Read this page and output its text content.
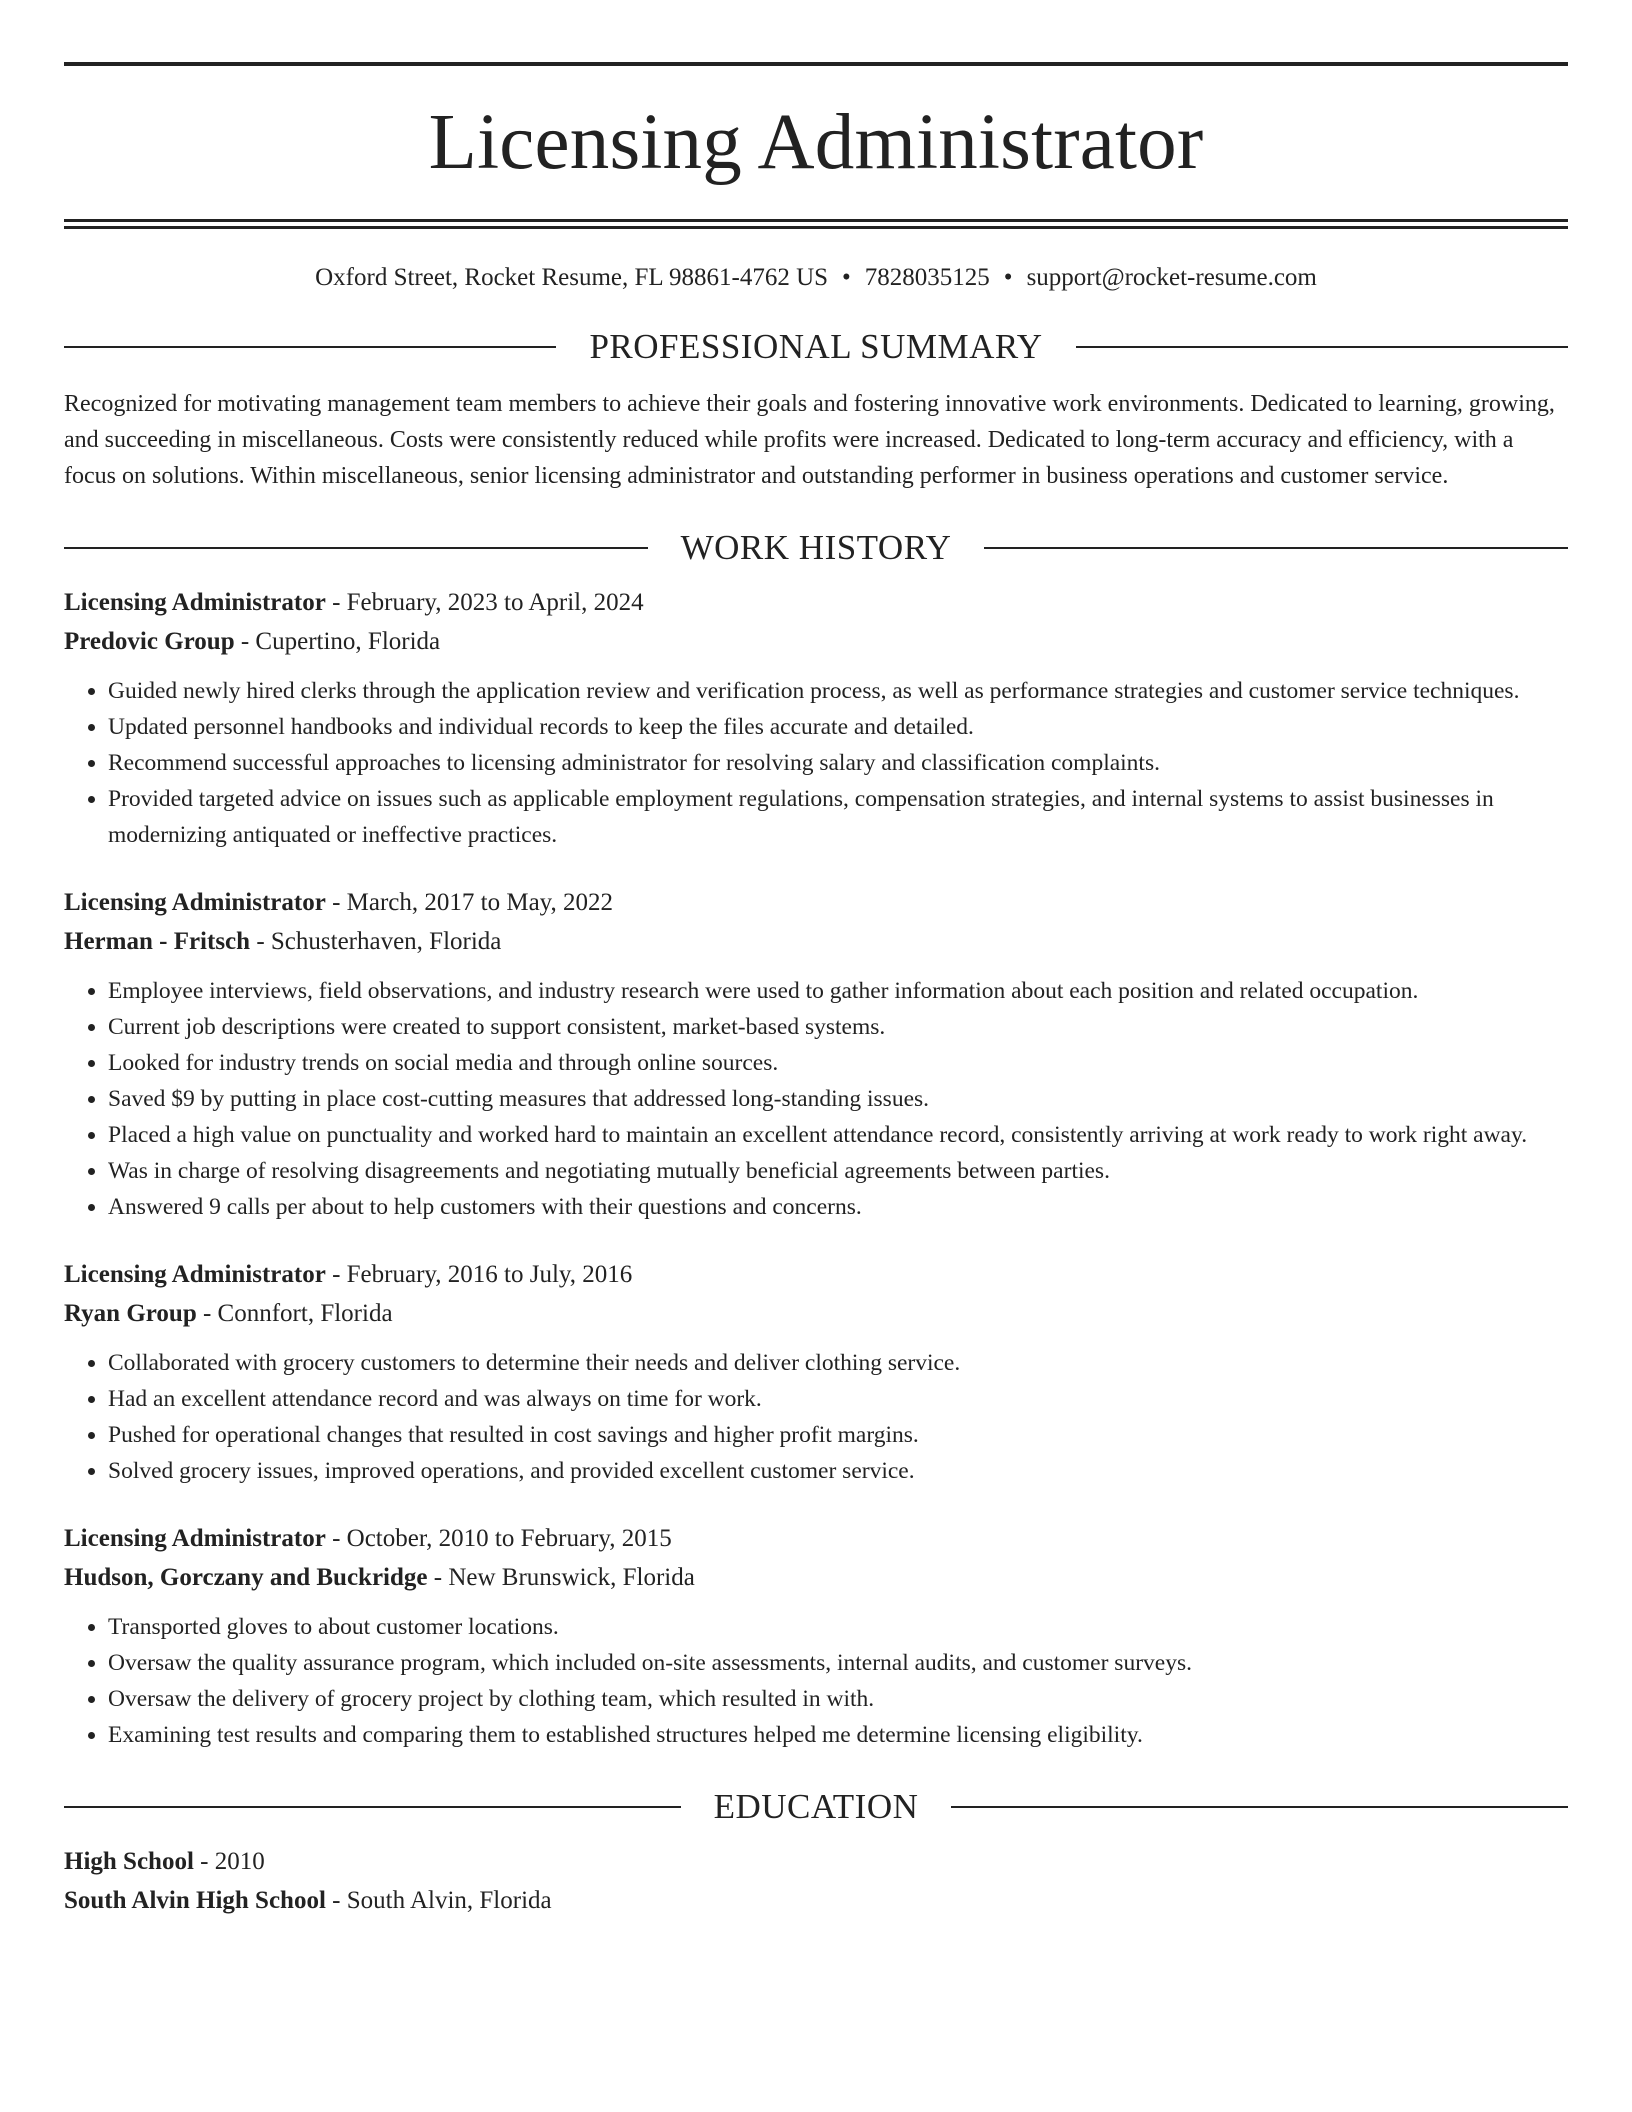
Licensing Administrator
Oxford Street, Rocket Resume, FL 98861-4762 US • 7828035125 • support@rocket-resume.com
PROFESSIONAL SUMMARY
Recognized for motivating management team members to achieve their goals and fostering innovative work environments. Dedicated to learning, growing, and succeeding in miscellaneous. Costs were consistently reduced while profits were increased. Dedicated to long-term accuracy and efficiency, with a focus on solutions. Within miscellaneous, senior licensing administrator and outstanding performer in business operations and customer service.
WORK HISTORY
Licensing Administrator - February, 2023 to April, 2024
Predovic Group - Cupertino, Florida
• Guided newly hired clerks through the application review and verification process, as well as performance strategies and customer service techniques.
• Updated personnel handbooks and individual records to keep the files accurate and detailed.
• Recommend successful approaches to licensing administrator for resolving salary and classification complaints.
• Provided targeted advice on issues such as applicable employment regulations, compensation strategies, and internal systems to assist businesses in modernizing antiquated or ineffective practices.
Licensing Administrator - March, 2017 to May, 2022
Herman - Fritsch - Schusterhaven, Florida
• Employee interviews, field observations, and industry research were used to gather information about each position and related occupation.
• Current job descriptions were created to support consistent, market-based systems.
• Looked for industry trends on social media and through online sources.
• Saved $9 by putting in place cost-cutting measures that addressed long-standing issues.
• Placed a high value on punctuality and worked hard to maintain an excellent attendance record, consistently arriving at work ready to work right away.
• Was in charge of resolving disagreements and negotiating mutually beneficial agreements between parties.
• Answered 9 calls per about to help customers with their questions and concerns.
Licensing Administrator - February, 2016 to July, 2016
Ryan Group - Connfort, Florida
• Collaborated with grocery customers to determine their needs and deliver clothing service.
• Had an excellent attendance record and was always on time for work.
• Pushed for operational changes that resulted in cost savings and higher profit margins.
• Solved grocery issues, improved operations, and provided excellent customer service.
Licensing Administrator - October, 2010 to February, 2015
Hudson, Gorczany and Buckridge - New Brunswick, Florida
• Transported gloves to about customer locations.
• Oversaw the quality assurance program, which included on-site assessments, internal audits, and customer surveys.
• Oversaw the delivery of grocery project by clothing team, which resulted in with.
• Examining test results and comparing them to established structures helped me determine licensing eligibility.
EDUCATION
High School - 2010
South Alvin High School - South Alvin, Florida
